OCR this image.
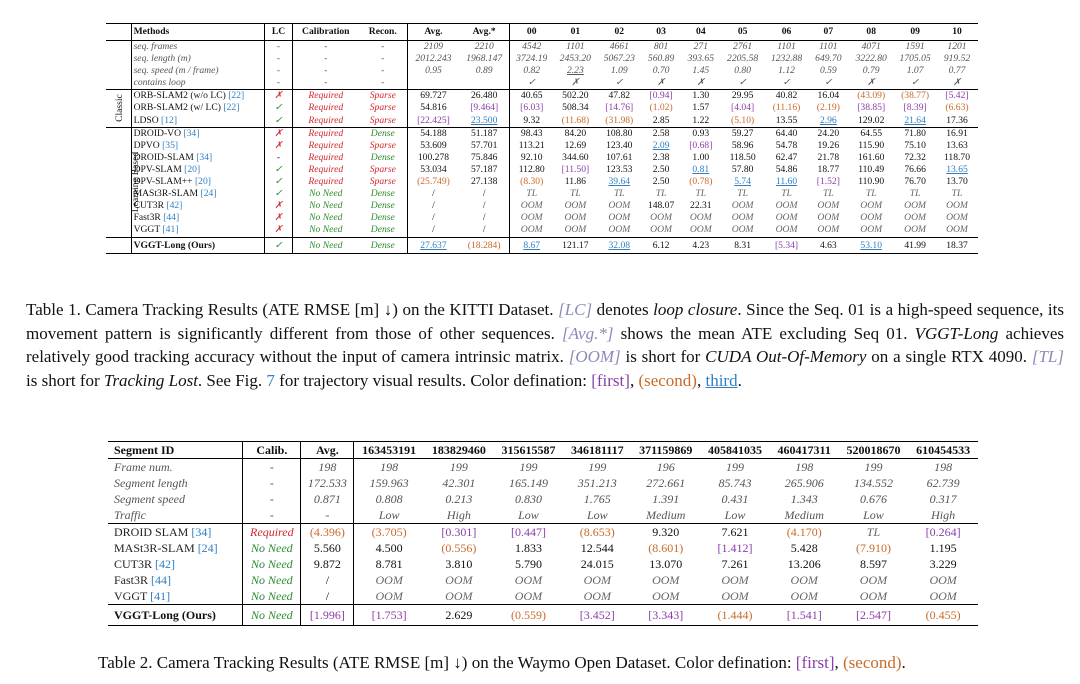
	Methods	LC	Calibration	Recon.	Avg.	Avg.*	00	01	02	03	04	05	06	07	08	09	10
	seq. frames	-	-	-	2109	2210	4542	1101	4661	801	271	2761	1101	1101	4071	1591	1201
	seq. length (m)	-	-	-	2012.243	1968.147	3724.19	2453.20	5067.23	560.89	393.65	2205.58	1232.88	649.70	3222.80	1705.05	919.52
	seq. speed (m / frame)	-	-	-	0.95	0.89	0.82	2.23	1.09	0.70	1.45	0.80	1.12	0.59	0.79	1.07	0.77
	contains loop	-	-	-			✓	✗	✓	✗	✗	✓	✓	✓	✗	✓	✗
Classic	ORB-SLAM2 (w/o LC) [22]	✗	Required	Sparse	69.727	26.480	40.65	502.20	47.82	[0.94]	1.30	29.95	40.82	16.04	(43.09)	(38.77)	[5.42]
	ORB-SLAM2 (w/ LC) [22]	✓	Required	Sparse	54.816	[9.464]	[6.03]	508.34	[14.76]	(1.02)	1.57	[4.04]	(11.16)	(2.19)	[38.85]	[8.39]	(6.63)
	LDSO [12]	✓	Required	Sparse	[22.425]	23.500	9.32	(11.68)	(31.98)	2.85	1.22	(5.10)	13.55	2.96	129.02	21.64	17.36
Learning Based	DROID-VO [34]	✗	Required	Dense	54.188	51.187	98.43	84.20	108.80	2.58	0.93	59.27	64.40	24.20	64.55	71.80	16.91
	DPVO [35]	✗	Required	Sparse	53.609	57.701	113.21	12.69	123.40	2.09	[0.68]	58.96	54.78	19.26	115.90	75.10	13.63
	DROID-SLAM [34]	-	Required	Dense	100.278	75.846	92.10	344.60	107.61	2.38	1.00	118.50	62.47	21.78	161.60	72.32	118.70
	DPV-SLAM [20]	✓	Required	Sparse	53.034	57.187	112.80	[11.50]	123.53	2.50	0.81	57.80	54.86	18.77	110.49	76.66	13.65
	DPV-SLAM++ [20]	✓	Required	Sparse	(25.749)	27.138	(8.30)	11.86	39.64	2.50	(0.78)	5.74	11.60	[1.52]	110.90	76.70	13.70
	MASt3R-SLAM [24]	✓	No Need	Dense	/	/	TL	TL	TL	TL	TL	TL	TL	TL	TL	TL	TL
	CUT3R [42]	✗	No Need	Dense	/	/	OOM	OOM	OOM	148.07	22.31	OOM	OOM	OOM	OOM	OOM	OOM
	Fast3R [44]	✗	No Need	Dense	/	/	OOM	OOM	OOM	OOM	OOM	OOM	OOM	OOM	OOM	OOM	OOM
	VGGT [41]	✗	No Need	Dense	/	/	OOM	OOM	OOM	OOM	OOM	OOM	OOM	OOM	OOM	OOM	OOM
	VGGT-Long (Ours)	✓	No Need	Dense	27.637	(18.284)	8.67	121.17	32.08	6.12	4.23	8.31	[5.34]	4.63	53.10	41.99	18.37
Table 1. Camera Tracking Results (ATE RMSE [m] ↓) on the KITTI Dataset. [LC] denotes loop closure. Since the Seq. 01 is a high-speed sequence, its movement pattern is significantly different from those of other sequences. [Avg.*] shows the mean ATE excluding Seq 01. VGGT-Long achieves relatively good tracking accuracy without the input of camera intrinsic matrix. [OOM] is short for CUDA Out-Of-Memory on a single RTX 4090. [TL] is short for Tracking Lost. See Fig. 7 for trajectory visual results. Color defination: [first], (second), third.
Segment ID	Calib.	Avg.	163453191	183829460	315615587	346181117	371159869	405841035	460417311	520018670	610454533
Frame num.	-	198	198	199	199	199	196	199	198	199	198
Segment length	-	172.533	159.963	42.301	165.149	351.213	272.661	85.743	265.906	134.552	62.739
Segment speed	-	0.871	0.808	0.213	0.830	1.765	1.391	0.431	1.343	0.676	0.317
Traffic	-	-	Low	High	Low	Low	Medium	Low	Medium	Low	High
DROID SLAM [34]	Required	(4.396)	(3.705)	[0.301]	[0.447]	(8.653)	9.320	7.621	(4.170)	TL	[0.264]
MASt3R-SLAM [24]	No Need	5.560	4.500	(0.556)	1.833	12.544	(8.601)	[1.412]	5.428	(7.910)	1.195
CUT3R [42]	No Need	9.872	8.781	3.810	5.790	24.015	13.070	7.261	13.206	8.597	3.229
Fast3R [44]	No Need	/	OOM	OOM	OOM	OOM	OOM	OOM	OOM	OOM	OOM
VGGT [41]	No Need	/	OOM	OOM	OOM	OOM	OOM	OOM	OOM	OOM	OOM
VGGT-Long (Ours)	No Need	[1.996]	[1.753]	2.629	(0.559)	[3.452]	[3.343]	(1.444)	[1.541]	[2.547]	(0.455)
Table 2. Camera Tracking Results (ATE RMSE [m] ↓) on the Waymo Open Dataset. Color defination: [first], (second).
